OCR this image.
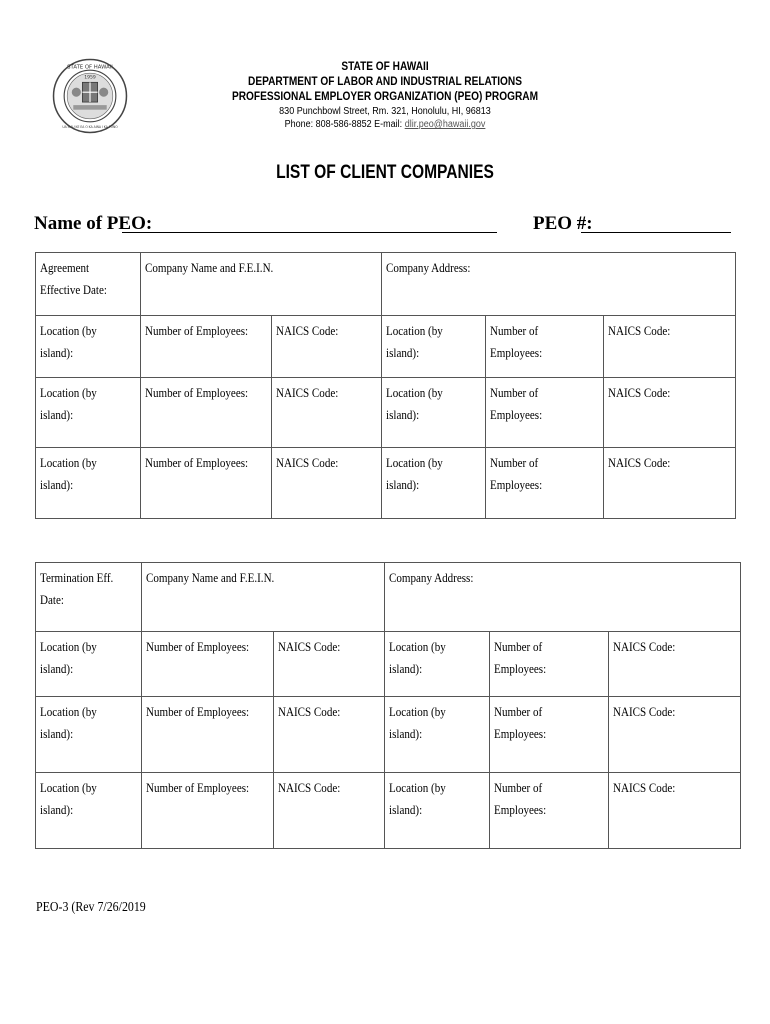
STATE OF HAWAII
1959
UA MAU KE EA O KA AINA I KA PONO
STATE OF HAWAII
DEPARTMENT OF LABOR AND INDUSTRIAL RELATIONS
PROFESSIONAL EMPLOYER ORGANIZATION (PEO) PROGRAM
830 Punchbowl Street, Rm. 321, Honolulu, HI, 96813
Phone: 808-586-8852 E-mail: dlir.peo@hawaii.gov
LIST OF CLIENT COMPANIES
Name of PEO:	PEO #:
Agreement Effective Date:	Company Name and F.E.I.N.		Company Address:		
Location (by island):	Number of Employees:	NAICS Code:	Location (by island):	Number of Employees:	NAICS Code:
Location (by island):	Number of Employees:	NAICS Code:	Location (by island):	Number of Employees:	NAICS Code:
Location (by island):	Number of Employees:	NAICS Code:	Location (by island):	Number of Employees:	NAICS Code:
Termination Eff. Date:	Company Name and F.E.I.N.		Company Address:		
Location (by island):	Number of Employees:	NAICS Code:	Location (by island):	Number of Employees:	NAICS Code:
Location (by island):	Number of Employees:	NAICS Code:	Location (by island):	Number of Employees:	NAICS Code:
Location (by island):	Number of Employees:	NAICS Code:	Location (by island):	Number of Employees:	NAICS Code:
PEO-3 (Rev 7/26/2019
